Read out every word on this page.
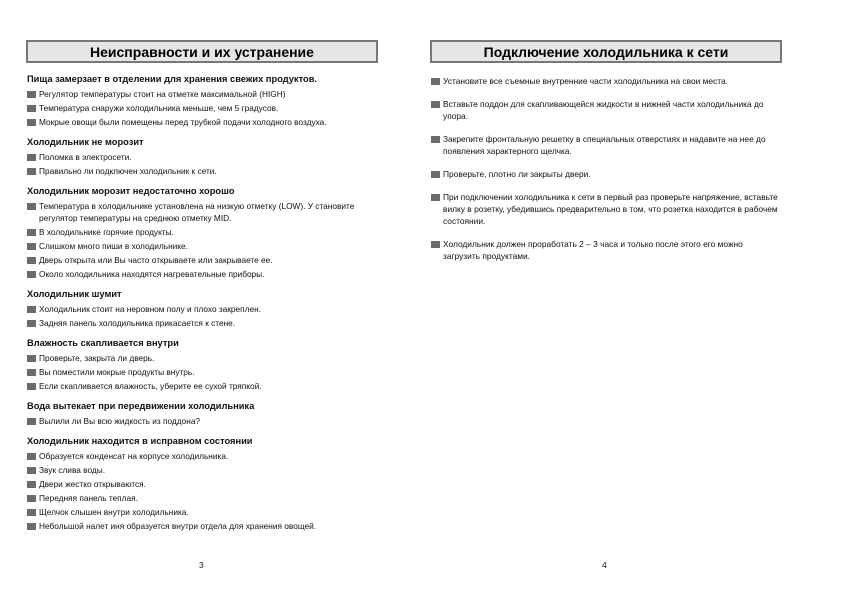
Неисправности и их устранение
Пища замерзает в отделении для хранения свежих продуктов.
Регулятор температуры стоит на отметке максимальной (HIGH)
Температура снаружи холодильника меньше, чем 5 градусов.
Мокрые овощи были помещены перед трубкой подачи холодного воздуха.
Холодильник не морозит
Поломка в электросети.
Правильно ли подключен холодильник к сети.
Холодильник морозит недостаточно хорошо
Температура в холодильнике установлена на низкую отметку (LOW). У становите регулятор температуры на среднюю отметку MID.
В холодильнике горячие продукты.
Слишком много пиши в холодильнике.
Дверь открыта или Вы часто открываете или закрываете ее.
Около холодильника находятся нагревательные приборы.
Холодильник шумит
Холодильник стоит на неровном полу и плохо закреплен.
Задняя панель холодильника прикасается к стене.
Влажность скапливается внутри
Проверьте, закрыта ли дверь.
Вы поместили мокрые продукты внутрь.
Если скапливается влажность, уберите ее сухой тряпкой.
Вода вытекает при передвижении холодильника
Вылили ли Вы всю жидкость из поддона?
Холодильник находится в исправном состоянии
Образуется конденсат на корпусе холодильника.
Звук слива воды.
Двери жестко открываются.
Передняя панель теплая.
Щелчок слышен внутри холодильника.
Небольшой налет иня образуется внутри отдела для хранения овощей.
3
Подключение холодильника к сети
Установите все съемные внутренние части холодильника на свои места.
Вставьте поддон для скапливающейся жидкости в нижней части холодильника до упора.
Закрепите фронтальную решетку в специальных отверстиях и надавите на нее до появления характерного щелчка.
Проверьте, плотно ли закрыты двери.
При подключении холодильника к сети в первый раз проверьте напряжение, вставьте вилку в розетку, убедившись предварительно в том, что розетка находится в рабочем состоянии.
Холодильник должен проработать 2 – 3 часа и только после этого его можно загрузить продуктами.
4
